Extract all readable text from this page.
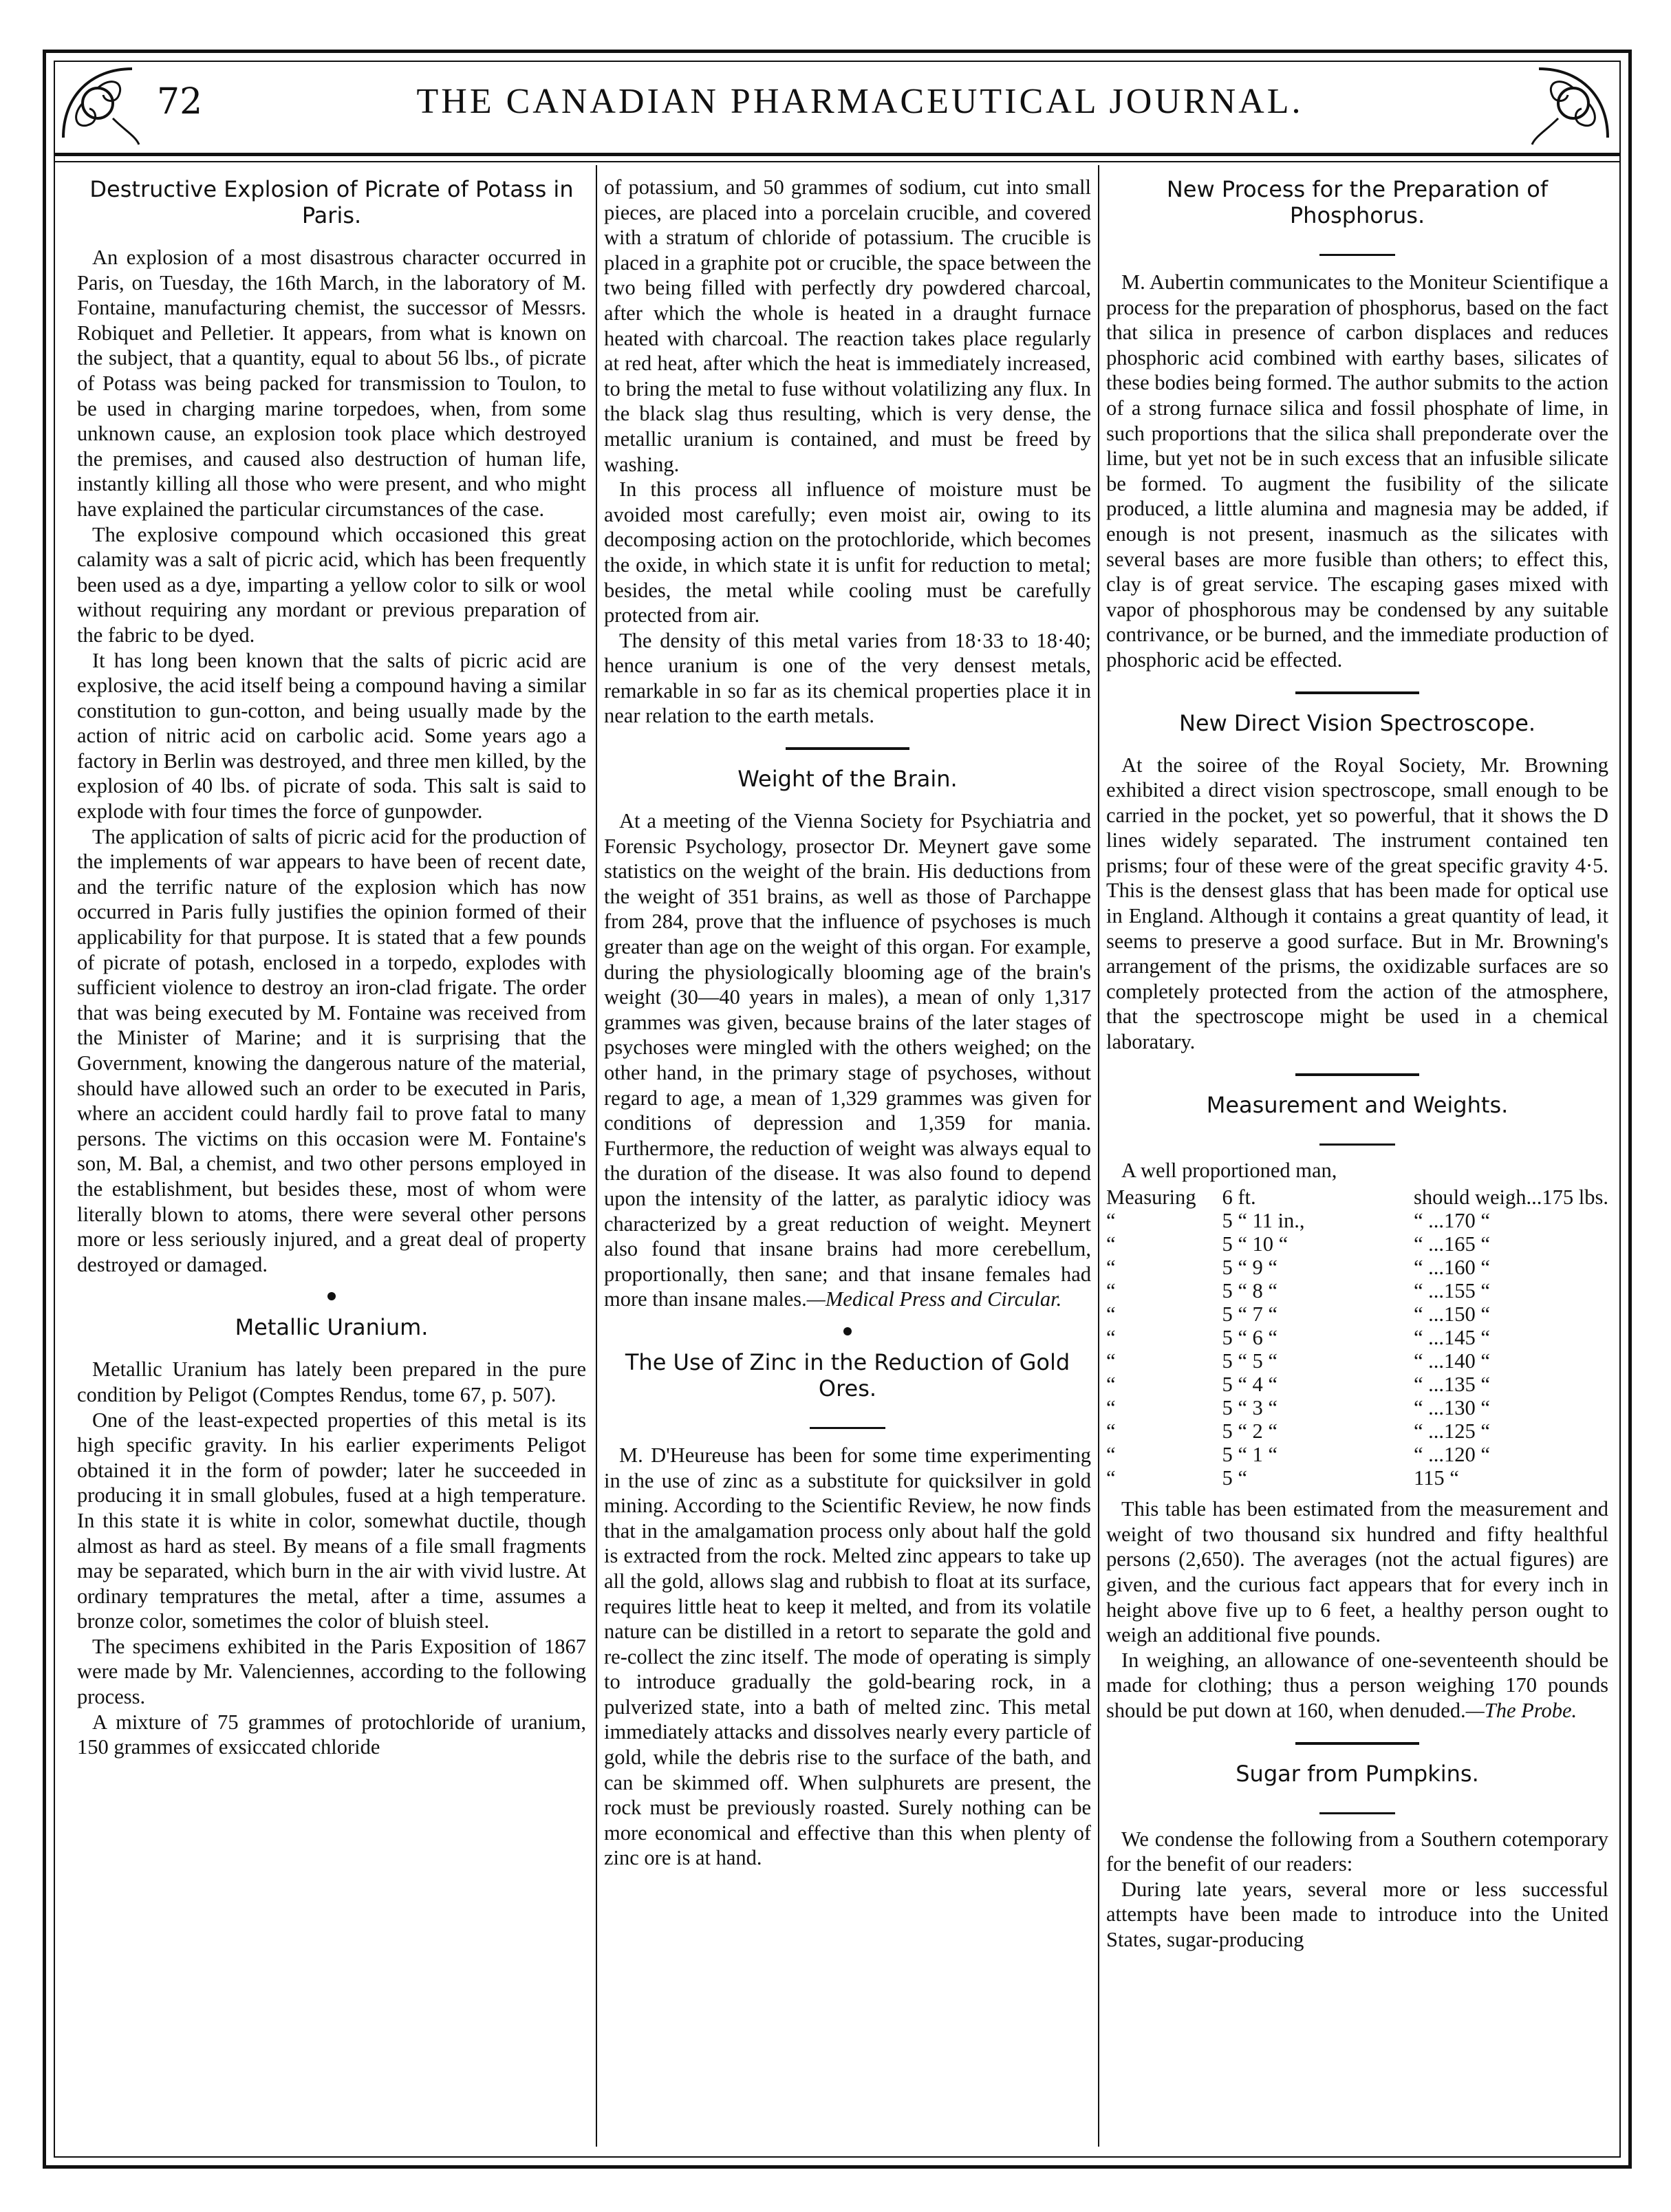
72	THE CANADIAN PHARMACEUTICAL JOURNAL.
Destructive Explosion of Picrate of Potass in Paris.

An explosion of a most disastrous character occurred in Paris, on Tuesday, the 16th March, in the laboratory of M. Fontaine, manufacturing chemist, the successor of Messrs. Robiquet and Pelletier. It appears, from what is known on the subject, that a quantity, equal to about 56 lbs., of picrate of Potass was being packed for transmission to Toulon, to be used in charging marine torpedoes, when, from some unknown cause, an explosion took place which destroyed the premises, and caused also destruction of human life, instantly killing all those who were present, and who might have explained the particular circumstances of the case.

The explosive compound which occasioned this great calamity was a salt of picric acid, which has been frequently been used as a dye, imparting a yellow color to silk or wool without requiring any mordant or previous preparation of the fabric to be dyed.

It has long been known that the salts of picric acid are explosive, the acid itself being a compound having a similar constitution to gun-cotton, and being usually made by the action of nitric acid on carbolic acid. Some years ago a factory in Berlin was destroyed, and three men killed, by the explosion of 40 lbs. of picrate of soda. This salt is said to explode with four times the force of gunpowder.

The application of salts of picric acid for the production of the implements of war appears to have been of recent date, and the terrific nature of the explosion which has now occurred in Paris fully justifies the opinion formed of their applicability for that purpose. It is stated that a few pounds of picrate of potash, enclosed in a torpedo, explodes with sufficient violence to destroy an iron-clad frigate. The order that was being executed by M. Fontaine was received from the Minister of Marine; and it is surprising that the Government, knowing the dangerous nature of the material, should have allowed such an order to be executed in Paris, where an accident could hardly fail to prove fatal to many persons. The victims on this occasion were M. Fontaine's son, M. Bal, a chemist, and two other persons employed in the establishment, but besides these, most of whom were literally blown to atoms, there were several other persons more or less seriously injured, and a great deal of property destroyed or damaged.

Metallic Uranium.

Metallic Uranium has lately been prepared in the pure condition by Peligot (Comptes Rendus, tome 67, p. 507).

One of the least-expected properties of this metal is its high specific gravity. In his earlier experiments Peligot obtained it in the form of powder; later he succeeded in producing it in small globules, fused at a high temperature. In this state it is white in color, somewhat ductile, though almost as hard as steel. By means of a file small fragments may be separated, which burn in the air with vivid lustre. At ordinary tempratures the metal, after a time, assumes a bronze color, sometimes the color of bluish steel.

The specimens exhibited in the Paris Exposition of 1867 were made by Mr. Valenciennes, according to the following process.

A mixture of 75 grammes of protochloride of uranium, 150 grammes of exsiccated chloride

of potassium, and 50 grammes of sodium, cut into small pieces, are placed into a porcelain crucible, and covered with a stratum of chloride of potassium. The crucible is placed in a graphite pot or crucible, the space between the two being filled with perfectly dry powdered charcoal, after which the whole is heated in a draught furnace heated with charcoal. The reaction takes place regularly at red heat, after which the heat is immediately increased, to bring the metal to fuse without volatilizing any flux. In the black slag thus resulting, which is very dense, the metallic uranium is contained, and must be freed by washing.

In this process all influence of moisture must be avoided most carefully; even moist air, owing to its decomposing action on the protochloride, which becomes the oxide, in which state it is unfit for reduction to metal; besides, the metal while cooling must be carefully protected from air.

The density of this metal varies from 18·33 to 18·40; hence uranium is one of the very densest metals, remarkable in so far as its chemical properties place it in near relation to the earth metals.

Weight of the Brain.

At a meeting of the Vienna Society for Psychiatria and Forensic Psychology, prosector Dr. Meynert gave some statistics on the weight of the brain. His deductions from the weight of 351 brains, as well as those of Parchappe from 284, prove that the influence of psychoses is much greater than age on the weight of this organ. For example, during the physiologically blooming age of the brain's weight (30—40 years in males), a mean of only 1,317 grammes was given, because brains of the later stages of psychoses were mingled with the others weighed; on the other hand, in the primary stage of psychoses, without regard to age, a mean of 1,329 grammes was given for conditions of depression and 1,359 for mania. Furthermore, the reduction of weight was always equal to the duration of the disease. It was also found to depend upon the intensity of the latter, as paralytic idiocy was characterized by a great reduction of weight. Meynert also found that insane brains had more cerebellum, proportionally, then sane; and that insane females had more than insane males.—Medical Press and Circular.

The Use of Zinc in the Reduction of Gold Ores.

M. D'Heureuse has been for some time experimenting in the use of zinc as a substitute for quicksilver in gold mining. According to the Scientific Review, he now finds that in the amalgamation process only about half the gold is extracted from the rock. Melted zinc appears to take up all the gold, allows slag and rubbish to float at its surface, requires little heat to keep it melted, and from its volatile nature can be distilled in a retort to separate the gold and re-collect the zinc itself. The mode of operating is simply to introduce gradually the gold-bearing rock, in a pulverized state, into a bath of melted zinc. This metal immediately attacks and dissolves nearly every particle of gold, while the debris rise to the surface of the bath, and can be skimmed off. When sulphurets are present, the rock must be previously roasted. Surely nothing can be more economical and effective than this when plenty of zinc ore is at hand.

New Process for the Preparation of Phosphorus.

M. Aubertin communicates to the Moniteur Scientifique a process for the preparation of phosphorus, based on the fact that silica in presence of carbon displaces and reduces phosphoric acid combined with earthy bases, silicates of these bodies being formed. The author submits to the action of a strong furnace silica and fossil phosphate of lime, in such proportions that the silica shall preponderate over the lime, but yet not be in such excess that an infusible silicate be formed. To augment the fusibility of the silicate produced, a little alumina and magnesia may be added, if enough is not present, inasmuch as the silicates with several bases are more fusible than others; to effect this, clay is of great service. The escaping gases mixed with vapor of phosphorous may be condensed by any suitable contrivance, or be burned, and the immediate production of phosphoric acid be effected.

New Direct Vision Spectroscope.

At the soiree of the Royal Society, Mr. Browning exhibited a direct vision spectroscope, small enough to be carried in the pocket, yet so powerful, that it shows the D lines widely separated. The instrument contained ten prisms; four of these were of the great specific gravity 4·5. This is the densest glass that has been made for optical use in England. Although it contains a great quantity of lead, it seems to preserve a good surface. But in Mr. Browning's arrangement of the prisms, the oxidizable surfaces are so completely protected from the action of the atmosphere, that the spectroscope might be used in a chemical laboratary.

Measurement and Weights.

A well proportioned man,

Measuring	6 ft.	should weigh...175 lbs.
“	5 “ 11 in.,	“ ...170 “
“	5 “ 10 “	“ ...165 “
“	5 “ 9 “	“ ...160 “
“	5 “ 8 “	“ ...155 “
“	5 “ 7 “	“ ...150 “
“	5 “ 6 “	“ ...145 “
“	5 “ 5 “	“ ...140 “
“	5 “ 4 “	“ ...135 “
“	5 “ 3 “	“ ...130 “
“	5 “ 2 “	“ ...125 “
“	5 “ 1 “	“ ...120 “
“	5 “	115 “

This table has been estimated from the measurement and weight of two thousand six hundred and fifty healthful persons (2,650). The averages (not the actual figures) are given, and the curious fact appears that for every inch in height above five up to 6 feet, a healthy person ought to weigh an additional five pounds.

In weighing, an allowance of one-seventeenth should be made for clothing; thus a person weighing 170 pounds should be put down at 160, when denuded.—The Probe.

Sugar from Pumpkins.

We condense the following from a Southern cotemporary for the benefit of our readers:

During late years, several more or less successful attempts have been made to introduce into the United States, sugar-producing
